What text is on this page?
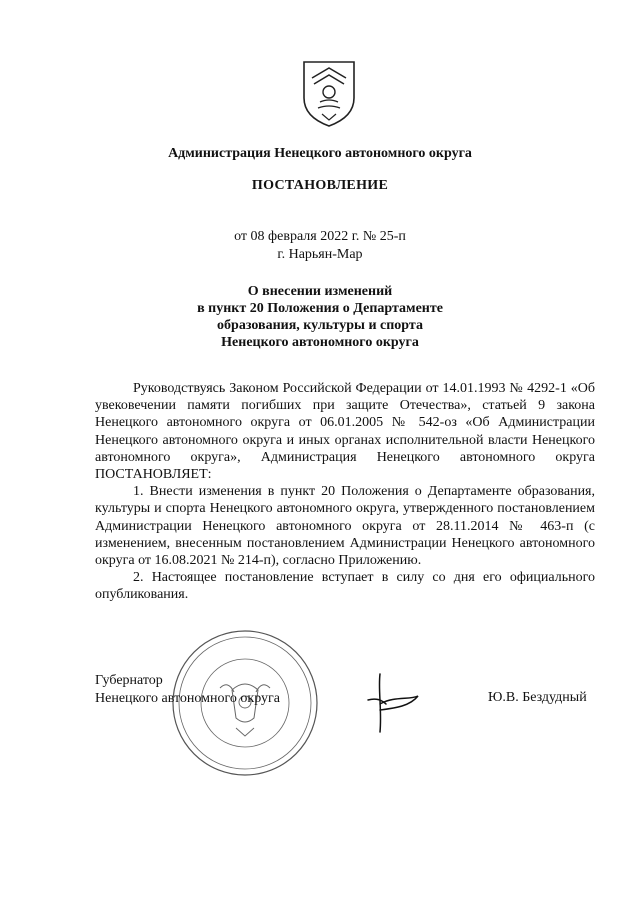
Администрация Ненецкого автономного округа
ПОСТАНОВЛЕНИЕ
от 08 февраля 2022 г. № 25-п
г. Нарьян-Мар
О внесении изменений
в пункт 20 Положения о Департаменте
образования, культуры и спорта
Ненецкого автономного округа

Руководствуясь Законом Российской Федерации от 14.01.1993 № 4292-1 «Об увековечении памяти погибших при защите Отечества», статьей 9 закона Ненецкого автономного округа от 06.01.2005 № 542-оз «Об Администрации Ненецкого автономного округа и иных органах исполнительной власти Ненецкого автономного округа», Администрация Ненецкого автономного округа ПОСТАНОВЛЯЕТ:

1. Внести изменения в пункт 20 Положения о Департаменте образования, культуры и спорта Ненецкого автономного округа, утвержденного постановлением Администрации Ненецкого автономного округа от 28.11.2014 № 463-п (с изменением, внесенным постановлением Администрации Ненецкого автономного округа от 16.08.2021 № 214-п), согласно Приложению.

2. Настоящее постановление вступает в силу со дня его официального опубликования.

Губернатор
Ненецкого автономного округа	Ю.В. Бездудный
